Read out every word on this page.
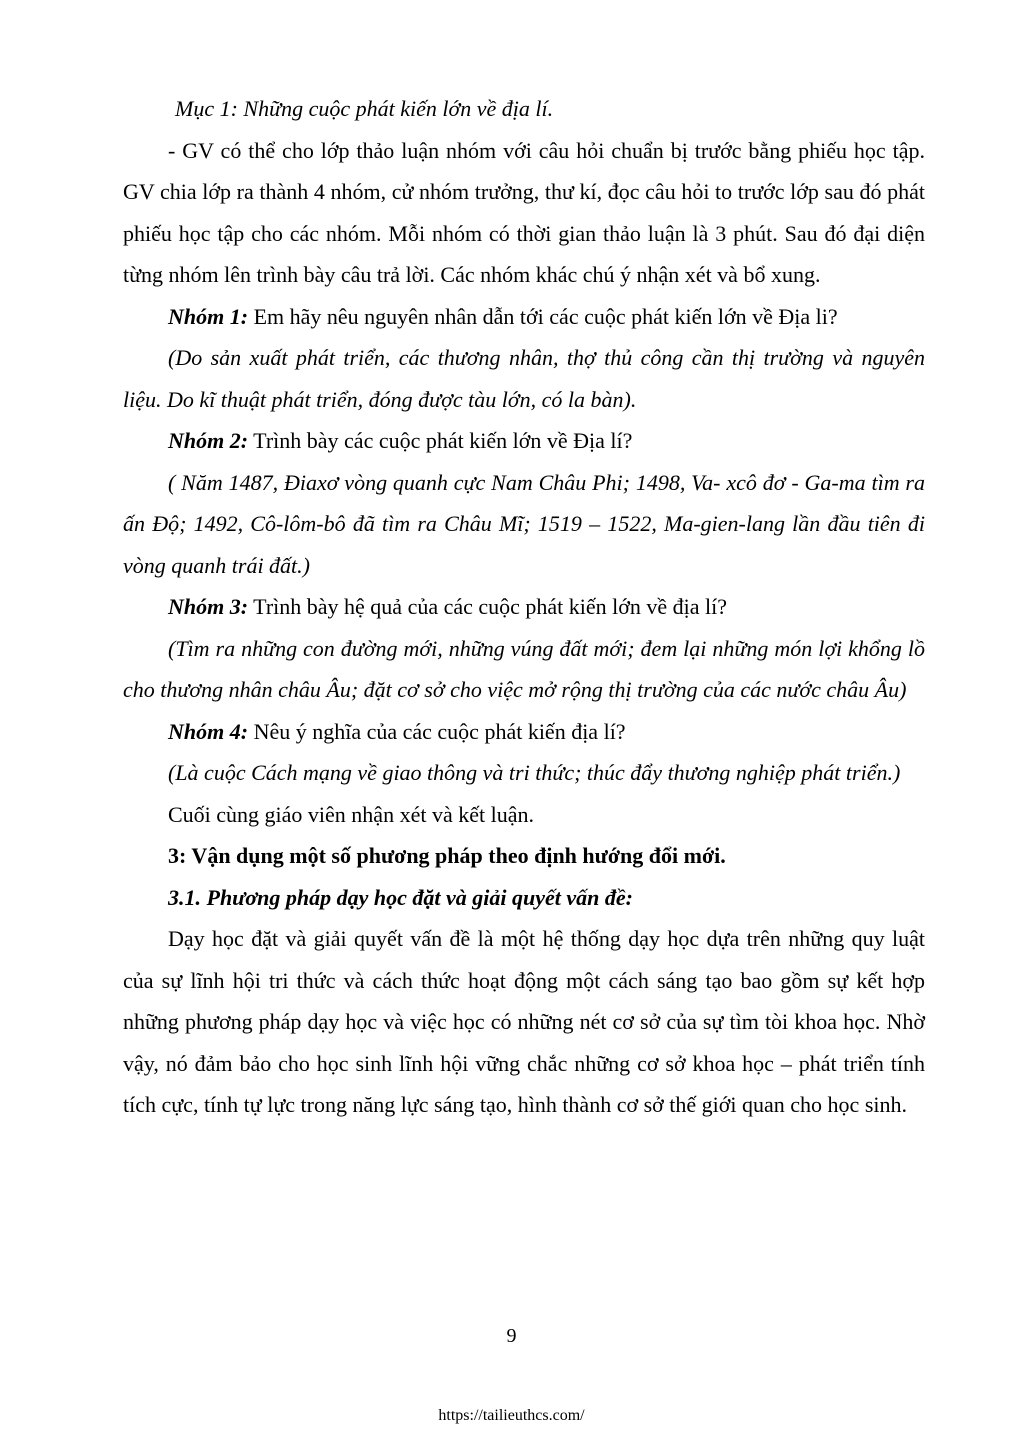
Mục 1: Những cuộc phát kiến lớn về địa lí.

- GV có thể cho lớp thảo luận nhóm với câu hỏi chuẩn bị trước bằng phiếu học tập. GV chia lớp ra thành 4 nhóm, cử nhóm trưởng, thư kí, đọc câu hỏi to trước lớp sau đó phát phiếu học tập cho các nhóm. Mỗi nhóm có thời gian thảo luận là 3 phút. Sau đó đại diện từng nhóm lên trình bày câu trả lời. Các nhóm khác chú ý nhận xét và bổ xung.

Nhóm 1: Em hãy nêu nguyên nhân dẫn tới các cuộc phát kiến lớn về Địa li?

(Do sản xuất phát triển, các thương nhân, thợ thủ công cần thị trường và nguyên liệu. Do kĩ thuật phát triển, đóng được tàu lớn, có la bàn).

Nhóm 2: Trình bày các cuộc phát kiến lớn về Địa lí?

( Năm 1487, Điaxơ vòng quanh cực Nam Châu Phi; 1498, Va- xcô đơ - Ga-ma tìm ra ấn Độ; 1492, Cô-lôm-bô đã tìm ra Châu Mĩ; 1519 – 1522, Ma-gien-lang lần đầu tiên đi vòng quanh trái đất.)

Nhóm 3: Trình bày hệ quả của các cuộc phát kiến lớn về địa lí?

(Tìm ra những con đường mới, những vúng đất mới; đem lại những món lợi khổng lồ cho thương nhân châu Âu; đặt cơ sở cho việc mở rộng thị trường của các nước châu Âu)

Nhóm 4: Nêu ý nghĩa của các cuộc phát kiến địa lí?

(Là cuộc Cách mạng về giao thông và tri thức; thúc đẩy thương nghiệp phát triển.)

Cuối cùng giáo viên nhận xét và kết luận.

3: Vận dụng một số phương pháp theo định hướng đổi mới.

3.1. Phương pháp dạy học đặt và giải quyết vấn đề:

Dạy học đặt và giải quyết vấn đề là một hệ thống dạy học dựa trên những quy luật của sự lĩnh hội tri thức và cách thức hoạt động một cách sáng tạo bao gồm sự kết hợp những phương pháp dạy học và việc học có những nét cơ sở của sự tìm tòi khoa học. Nhờ vậy, nó đảm bảo cho học sinh lĩnh hội vững chắc những cơ sở khoa học – phát triển tính tích cực, tính tự lực trong năng lực sáng tạo, hình thành cơ sở thế giới quan cho học sinh.

9
https://tailieuthcs.com/
